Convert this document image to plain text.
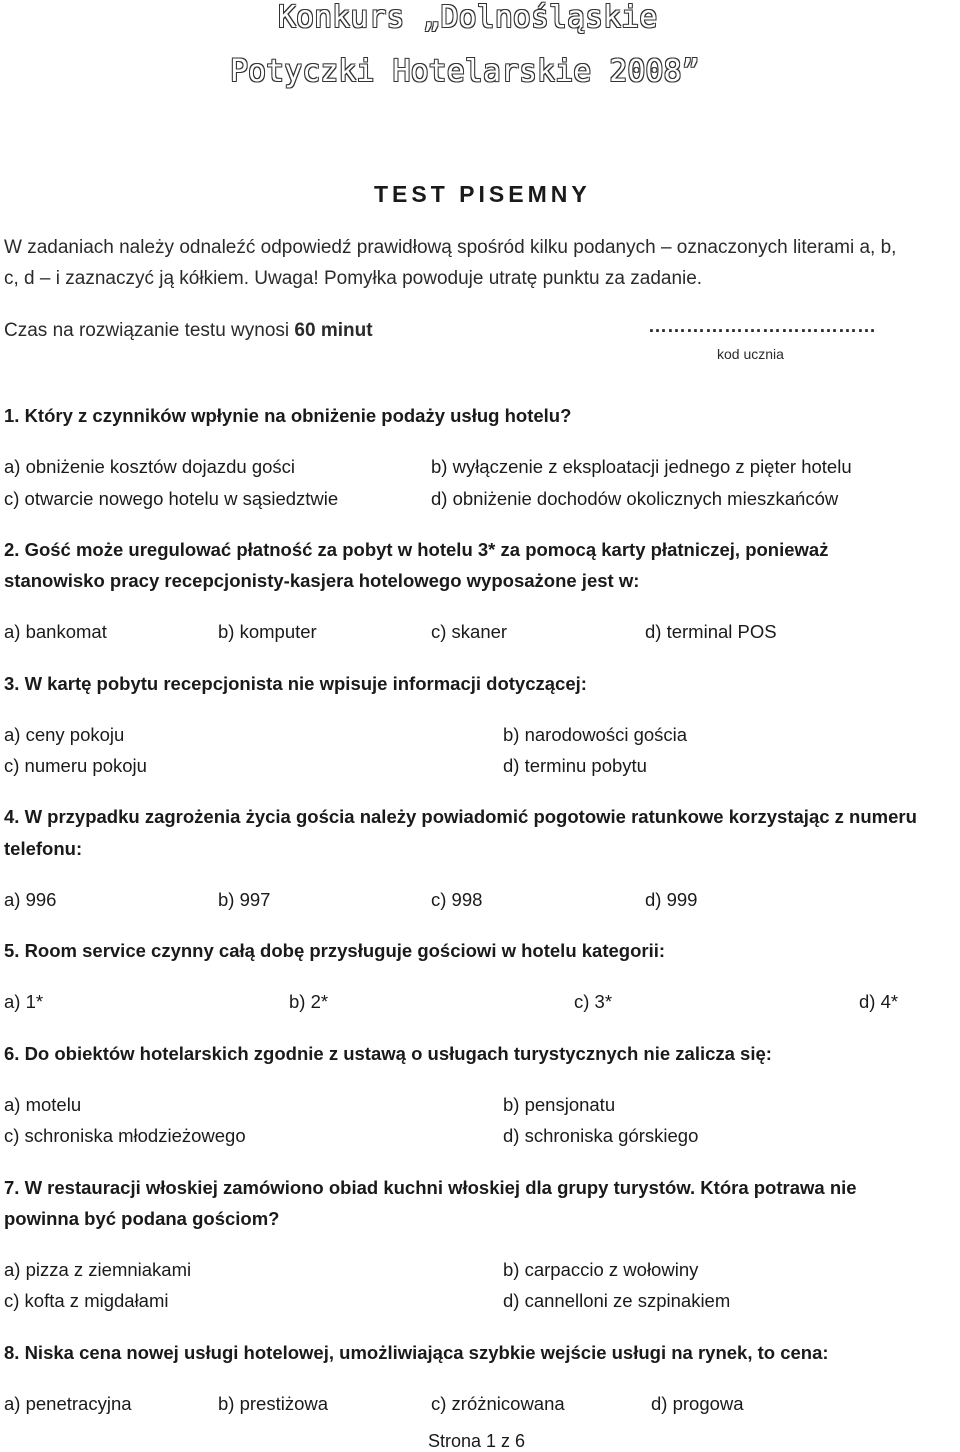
Konkurs „Dolnośląskie
Potyczki Hotelarskie 2008”
TEST PISEMNY
W zadaniach należy odnaleźć odpowiedź prawidłową spośród kilku podanych – oznaczonych literami a, b,
c, d – i zaznaczyć ją kółkiem. Uwaga! Pomyłka powoduje utratę punktu za zadanie.
Czas na rozwiązanie testu wynosi 60 minut	………………………………
kod ucznia
1. Który z czynników wpłynie na obniżenie podaży usług hotelu?
a) obniżenie kosztów dojazdu gości	b) wyłączenie z eksploatacji jednego z pięter hotelu
c) otwarcie nowego hotelu w sąsiedztwie	d) obniżenie dochodów okolicznych mieszkańców
2. Gość może uregulować płatność za pobyt w hotelu 3* za pomocą karty płatniczej, ponieważ
stanowisko pracy recepcjonisty-kasjera hotelowego wyposażone jest w:
a) bankomat	b) komputer	c) skaner	d) terminal POS
3. W kartę pobytu recepcjonista nie wpisuje informacji dotyczącej:
a) ceny pokoju	b) narodowości gościa
c) numeru pokoju	d) terminu pobytu
4. W przypadku zagrożenia życia gościa należy powiadomić pogotowie ratunkowe korzystając z numeru
telefonu:
a) 996	b) 997	c) 998	d) 999
5. Room service czynny całą dobę przysługuje gościowi w hotelu kategorii:
a) 1*	b) 2*	c) 3*	d) 4*
6. Do obiektów hotelarskich zgodnie z ustawą o usługach turystycznych nie zalicza się:
a) motelu	b) pensjonatu
c) schroniska młodzieżowego	d) schroniska górskiego
7. W restauracji włoskiej zamówiono obiad kuchni włoskiej dla grupy turystów. Która potrawa nie
powinna być podana gościom?
a) pizza z ziemniakami	b) carpaccio z wołowiny
c) kofta z migdałami	d) cannelloni ze szpinakiem
8. Niska cena nowej usługi hotelowej, umożliwiająca szybkie wejście usługi na rynek, to cena:
a) penetracyjna	b) prestiżowa	c) zróżnicowana	d) progowa
Strona 1 z 6
